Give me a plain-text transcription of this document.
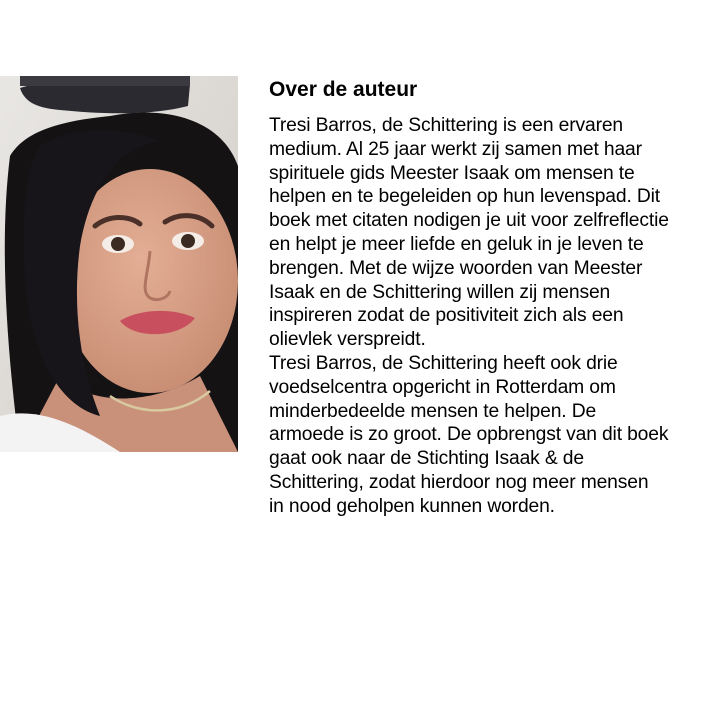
Over de auteur

Tresi Barros, de Schittering is een ervaren
medium. Al 25 jaar werkt zij samen met haar
spirituele gids Meester Isaak om mensen te
helpen en te begeleiden op hun levenspad. Dit
boek met citaten nodigen je uit voor zelfreflectie
en helpt je meer liefde en geluk in je leven te
brengen. Met de wijze woorden van Meester
Isaak en de Schittering willen zij mensen
inspireren zodat de positiviteit zich als een
olievlek verspreidt.

Tresi Barros, de Schittering heeft ook drie
voedselcentra opgericht in Rotterdam om
minderbedeelde mensen te helpen. De
armoede is zo groot. De opbrengst van dit boek
gaat ook naar de Stichting Isaak & de
Schittering, zodat hierdoor nog meer mensen
in nood geholpen kunnen worden.
